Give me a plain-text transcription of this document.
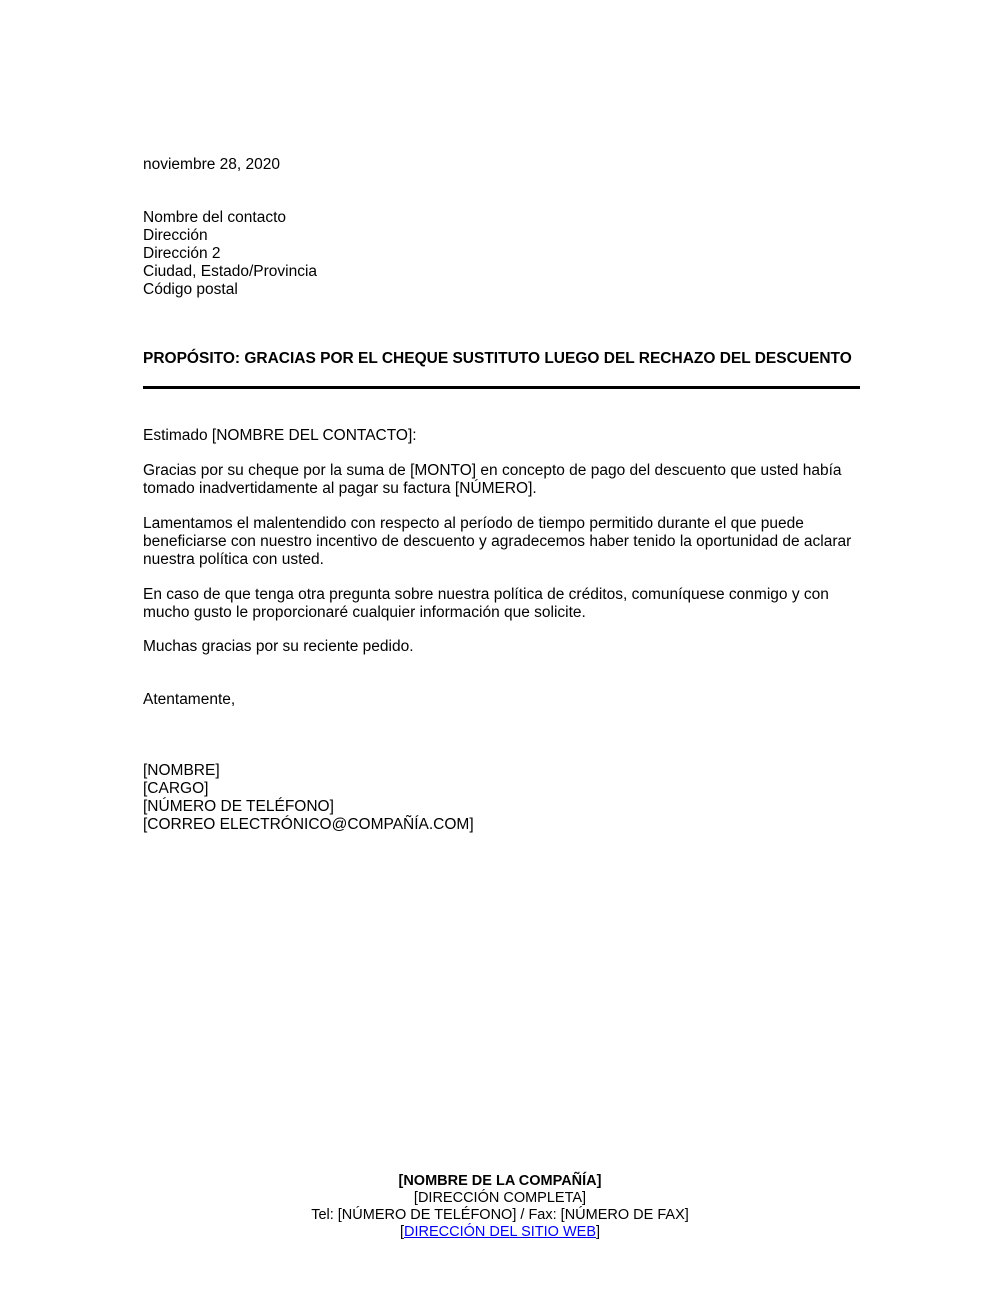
noviembre 28, 2020
Nombre del contacto
Dirección
Dirección 2
Ciudad, Estado/Provincia
Código postal
PROPÓSITO: GRACIAS POR EL CHEQUE SUSTITUTO LUEGO DEL RECHAZO DEL DESCUENTO
Estimado [NOMBRE DEL CONTACTO]:
Gracias por su cheque por la suma de [MONTO] en concepto de pago del descuento que usted había tomado inadvertidamente al pagar su factura [NÚMERO].
Lamentamos el malentendido con respecto al período de tiempo permitido durante el que puede beneficiarse con nuestro incentivo de descuento y agradecemos haber tenido la oportunidad de aclarar nuestra política con usted.
En caso de que tenga otra pregunta sobre nuestra política de créditos, comuníquese conmigo y con mucho gusto le proporcionaré cualquier información que solicite.
Muchas gracias por su reciente pedido.
Atentamente,
[NOMBRE]
[CARGO]
[NÚMERO DE TELÉFONO]
[CORREO ELECTRÓNICO@COMPAÑÍA.COM]
[NOMBRE DE LA COMPAÑÍA]
[DIRECCIÓN COMPLETA]
Tel: [NÚMERO DE TELÉFONO] / Fax: [NÚMERO DE FAX]
[DIRECCIÓN DEL SITIO WEB]
